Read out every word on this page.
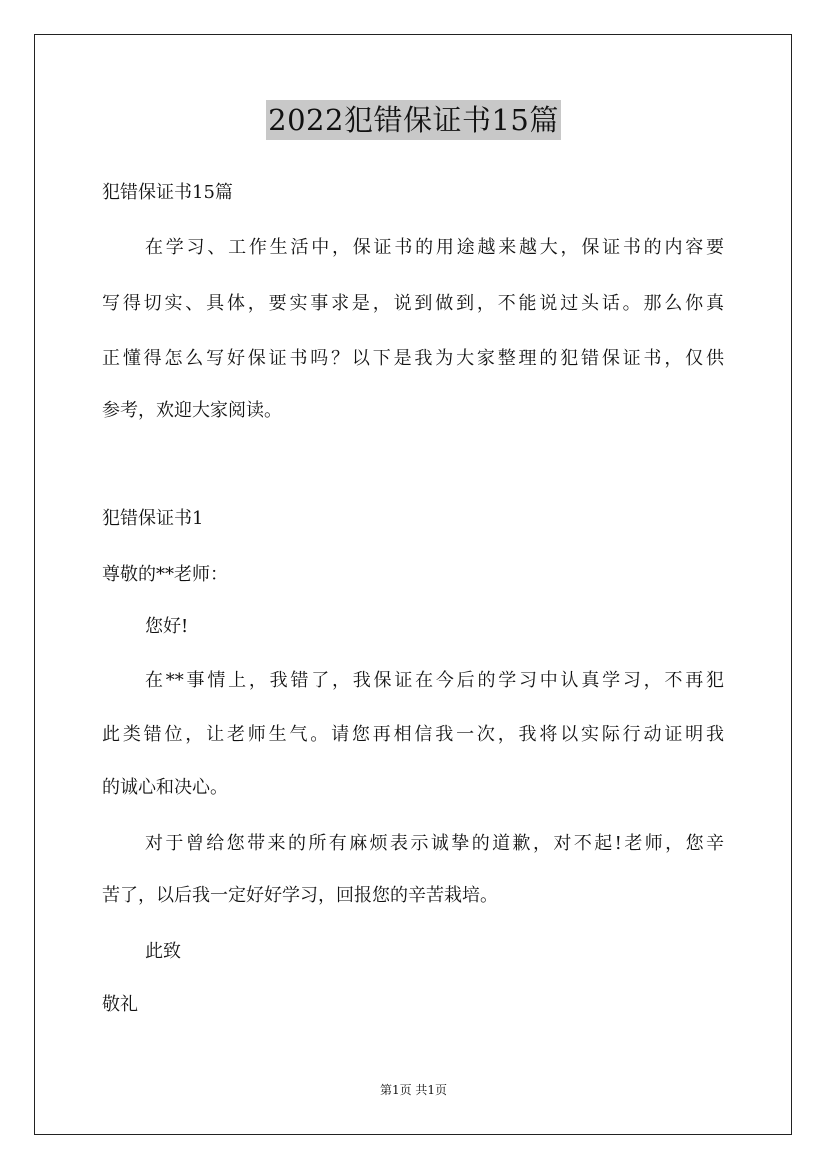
2022犯错保证书15篇
犯错保证书15篇
在学习、工作生活中，保证书的用途越来越大，保证书的内容要
写得切实、具体，要实事求是，说到做到，不能说过头话。那么你真
正懂得怎么写好保证书吗？以下是我为大家整理的犯错保证书，仅供
参考，欢迎大家阅读。
犯错保证书1
尊敬的**老师：
您好!
在**事情上，我错了，我保证在今后的学习中认真学习，不再犯
此类错位，让老师生气。请您再相信我一次，我将以实际行动证明我
的诚心和决心。
对于曾给您带来的所有麻烦表示诚挚的道歉，对不起!老师，您辛
苦了，以后我一定好好学习，回报您的辛苦栽培。
此致
敬礼
第1页 共1页
